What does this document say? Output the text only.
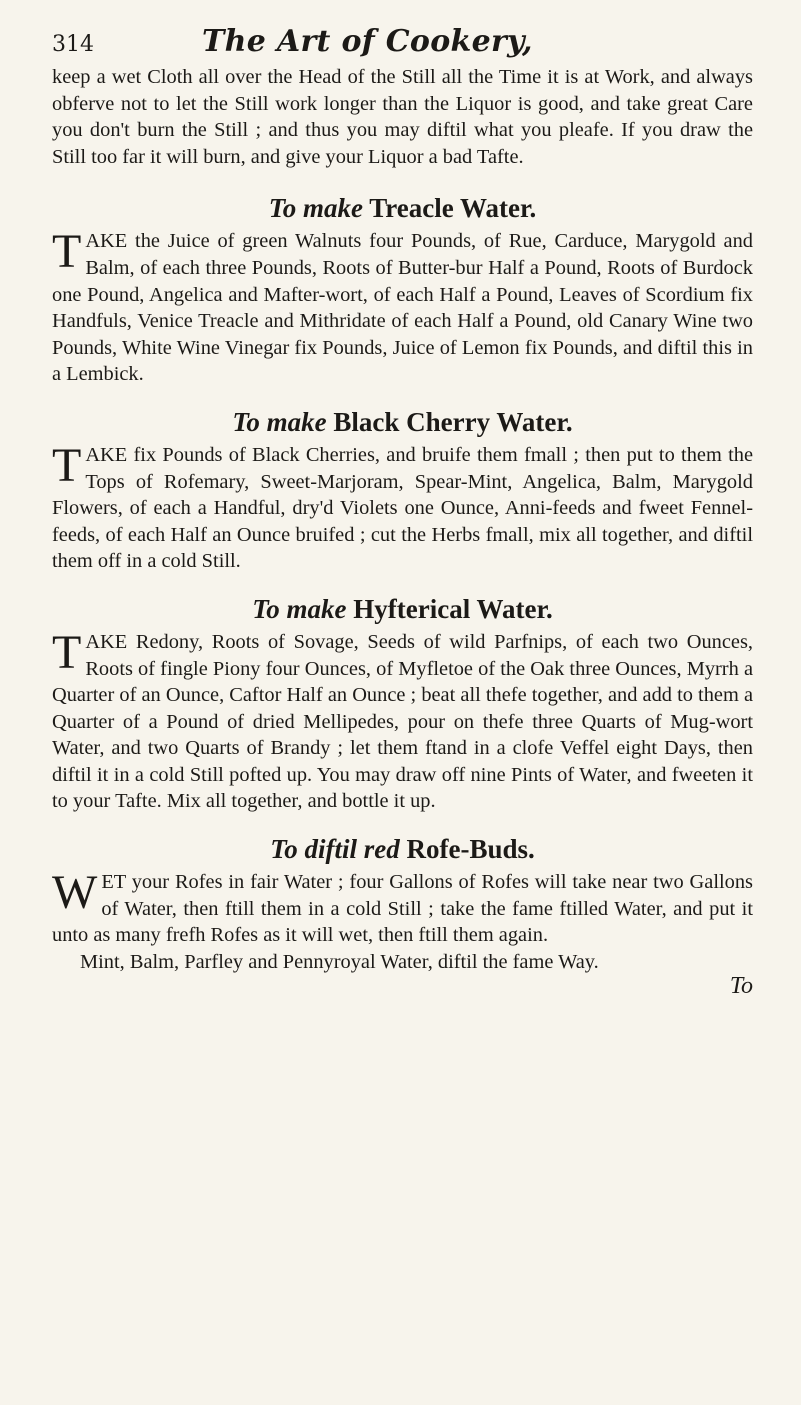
314	The Art of Cookery,

keep a wet Cloth all over the Head of the Still all the Time it is at Work, and always obferve not to let the Still work longer than the Liquor is good, and take great Care you don't burn the Still ; and thus you may diftil what you pleafe. If you draw the Still too far it will burn, and give your Liquor a bad Tafte.

To make Treacle Water.
T AKE the Juice of green Walnuts four Pounds, of Rue, Carduce, Marygold and Balm, of each three Pounds, Roots of Butter-bur Half a Pound, Roots of Burdock one Pound, Angelica and Mafter-wort, of each Half a Pound, Leaves of Scordium fix Handfuls, Venice Treacle and Mithridate of each Half a Pound, old Canary Wine two Pounds, White Wine Vinegar fix Pounds, Juice of Lemon fix Pounds, and diftil this in a Lembick.

To make Black Cherry Water.
T AKE fix Pounds of Black Cherries, and bruife them fmall ; then put to them the Tops of Rofemary, Sweet-Marjoram, Spear-Mint, Angelica, Balm, Marygold Flowers, of each a Handful, dry'd Violets one Ounce, Anni-feeds and fweet Fennel-feeds, of each Half an Ounce bruifed ; cut the Herbs fmall, mix all together, and diftil them off in a cold Still.

To make Hyfterical Water.
T AKE Redony, Roots of Sovage, Seeds of wild Parfnips, of each two Ounces, Roots of fingle Piony four Ounces, of Myfletoe of the Oak three Ounces, Myrrh a Quarter of an Ounce, Caftor Half an Ounce ; beat all thefe together, and add to them a Quarter of a Pound of dried Mellipedes, pour on thefe three Quarts of Mug-wort Water, and two Quarts of Brandy ; let them ftand in a clofe Veffel eight Days, then diftil it in a cold Still pofted up. You may draw off nine Pints of Water, and fweeten it to your Tafte. Mix all together, and bottle it up.

To diftil red Rofe-Buds.
W ET your Rofes in fair Water ; four Gallons of Rofes will take near two Gallons of Water, then ftill them in a cold Still ; take the fame ftilled Water, and put it unto as many frefh Rofes as it will wet, then ftill them again.

Mint, Balm, Parfley and Pennyroyal Water, diftil the fame Way.

To
